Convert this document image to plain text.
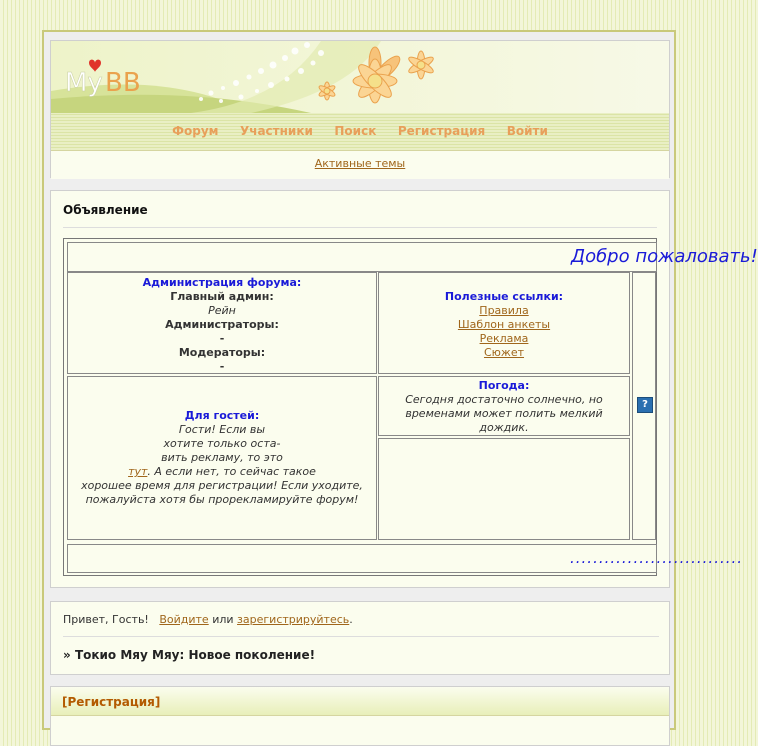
My BB
Форум Участники Поиск Регистрация Войти
Активные темы
Объявление
Добро пожаловать!
Администрация форума:
Главный админ:
Рейн
Администраторы:
-
Модераторы:
-
Полезные ссылки:
Правила
Шаблон анкеты
Реклама
Сюжет
?
Для гостей:
Гости! Если вы
хотите только оста-
вить рекламу, то это
тут. А если нет, то сейчас такое
хорошее время для регистрации! Если уходите,
пожалуйста хотя бы прорекламируйте форум!
Погода:
Сегодня достаточно солнечно, но
временами может полить мелкий
дождик.
..............................
Привет, Гость! Войдите или зарегистрируйтесь.
» Токио Мяу Мяу: Новое поколение!
[Регистрация]
